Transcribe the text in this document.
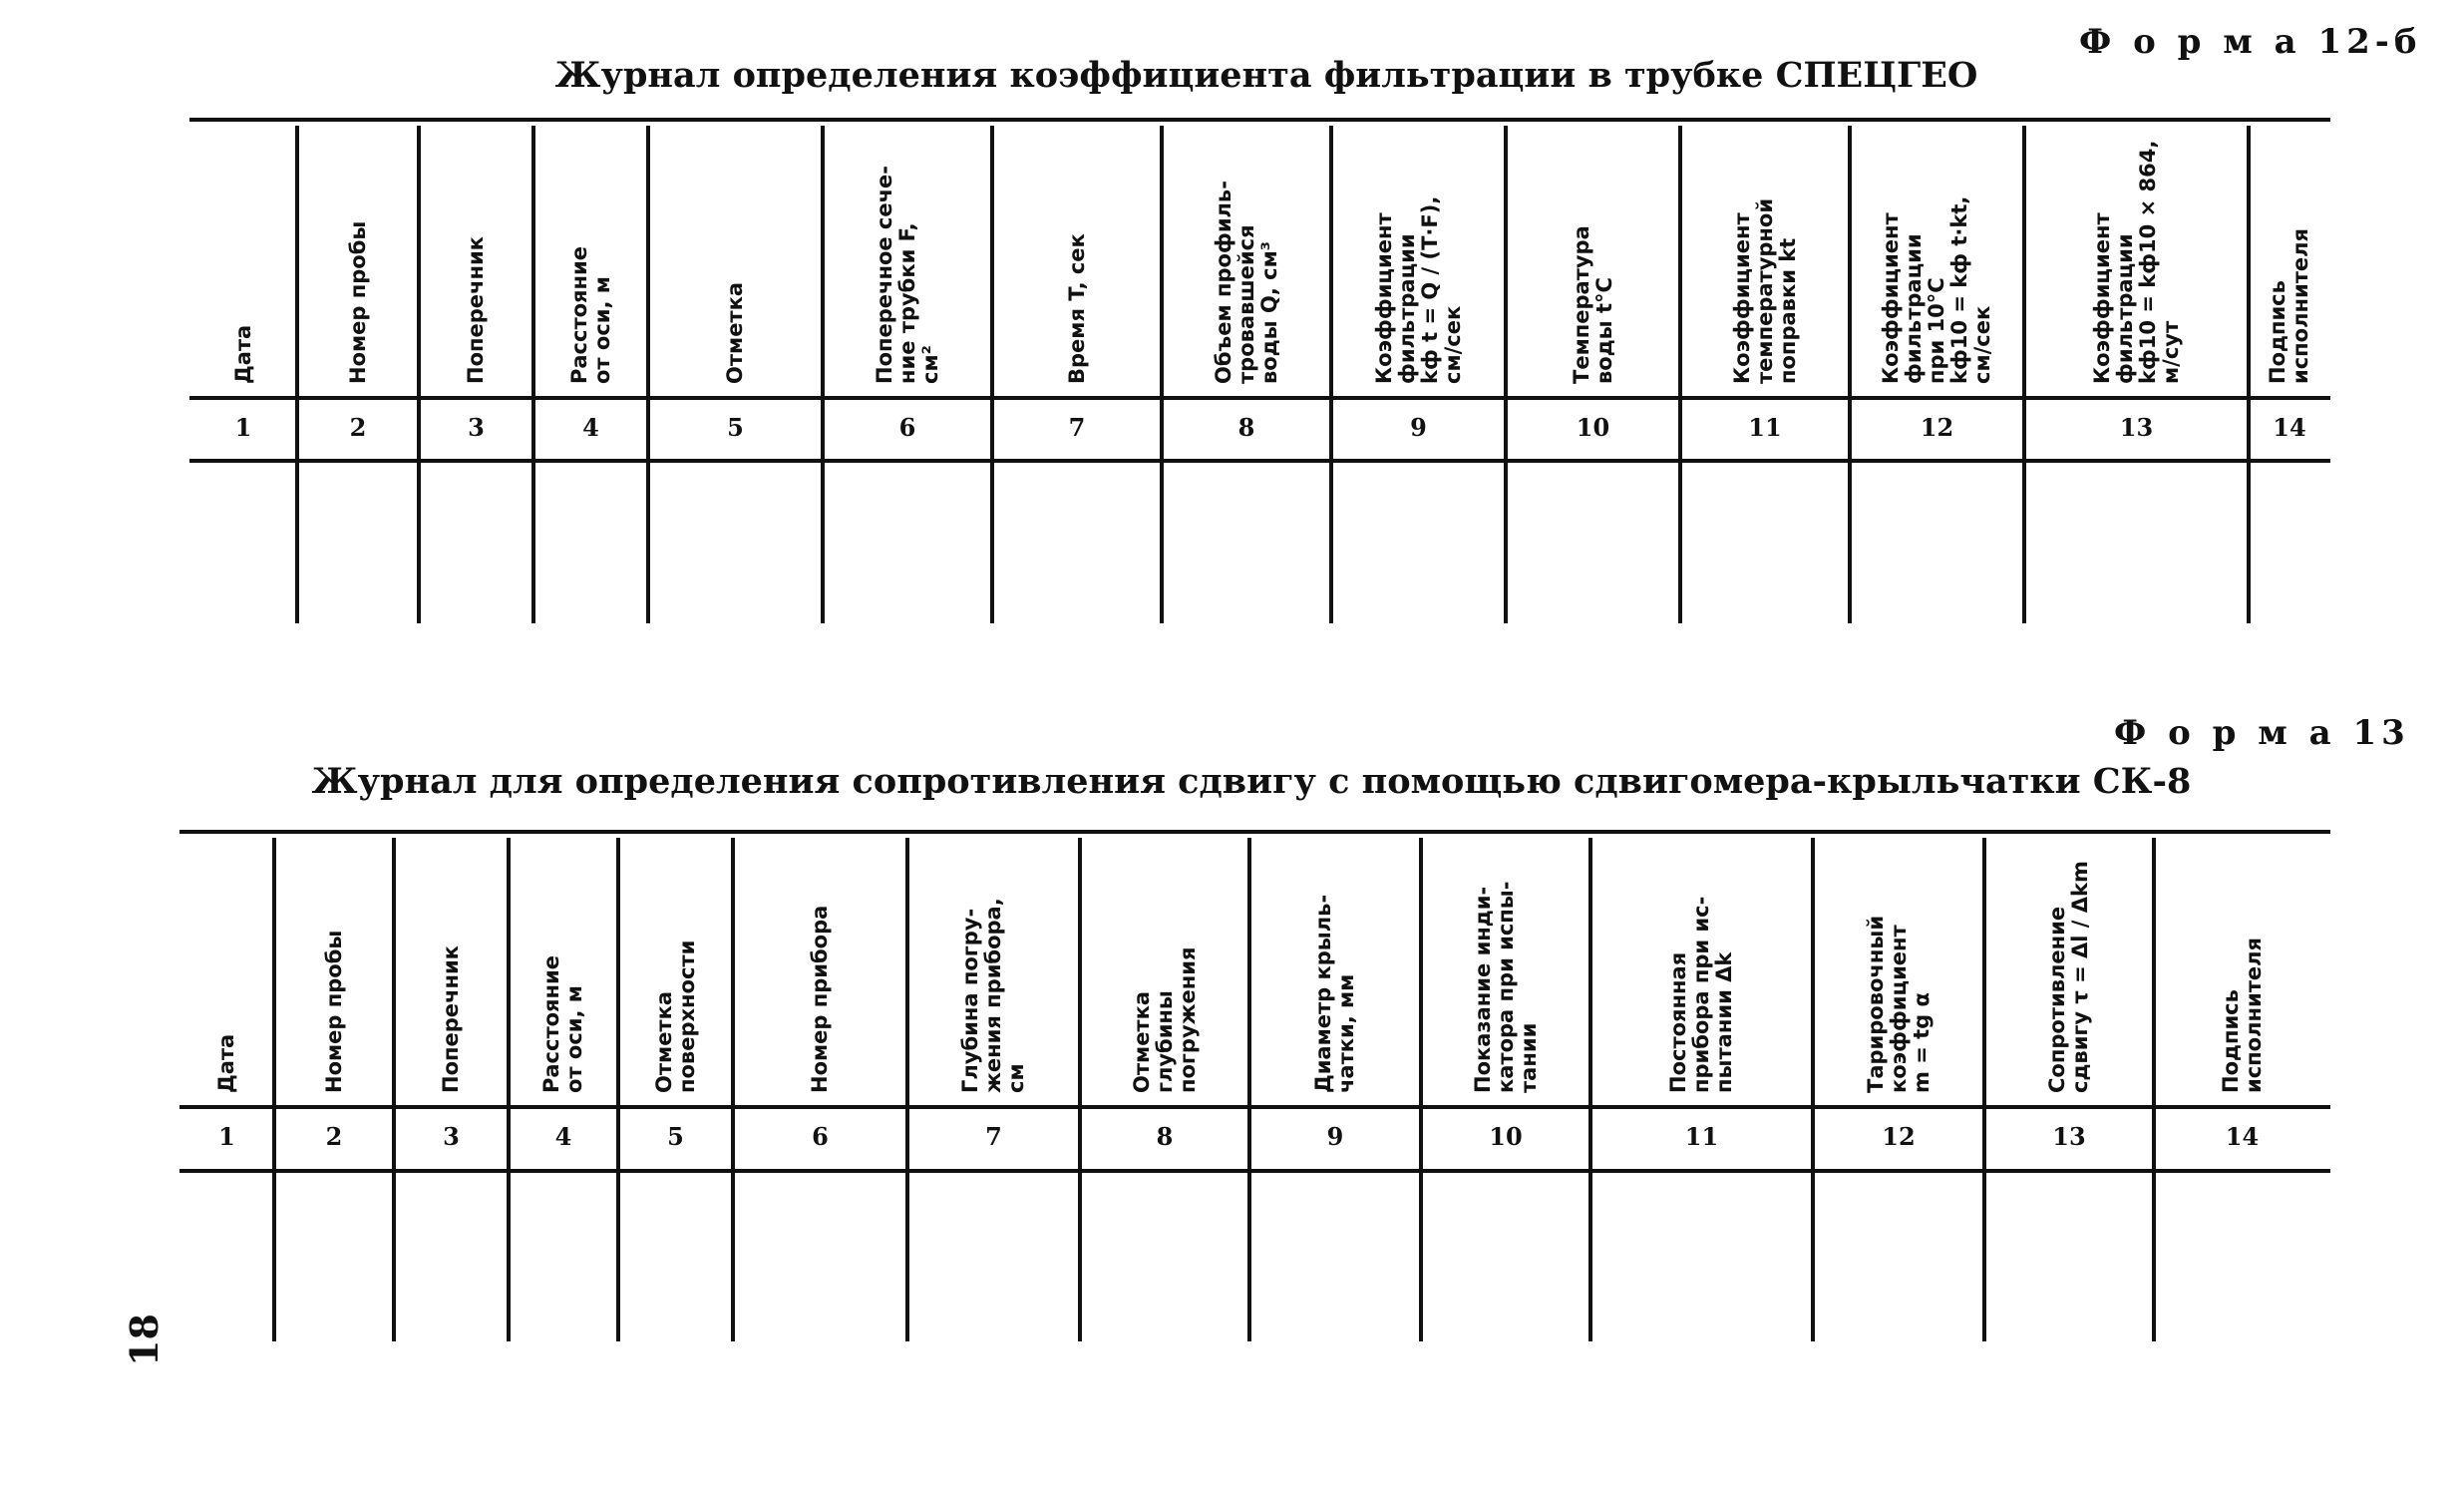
Ф о р м а 12-б
Журнал определения коэффициента фильтрации в трубке СПЕЦГЕО
Дата	Номер пробы	Поперечник	Расстояние от оси, м	Отметка	Поперечное сече- ние трубки F, см²	Время T, сек	Объем профиль- тровавшейся воды Q, см³	Коэффициент фильтрации kф t = Q / (T·F), см/сек	Температура воды t°C	Коэффициент температурной поправки kt	Коэффициент фильтрации при 10°C kф10 = kф t·kt, см/сек	Коэффициент фильтрации kф10 = kф10 × 864, м/сут	Подпись исполнителя
1	2	3	4	5	6	7	8	9	10	11	12	13	14
Ф о р м а 13
Журнал для определения сопротивления сдвигу с помощью сдвигомера-крыльчатки СК-8
Дата	Номер пробы	Поперечник	Расстояние от оси, м	Отметка поверхности	Номер прибора	Глубина погру- жения прибора, см	Отметка глубины погружения	Диаметр крыль- чатки, мм	Показание инди- катора при испы- тании	Постоянная прибора при ис- пытании Δk	Тарировочный коэффициент m = tg α	Сопротивление сдвигу τ = Δl / Δkm	Подпись исполнителя
1	2	3	4	5	6	7	8	9	10	11	12	13	14
18
